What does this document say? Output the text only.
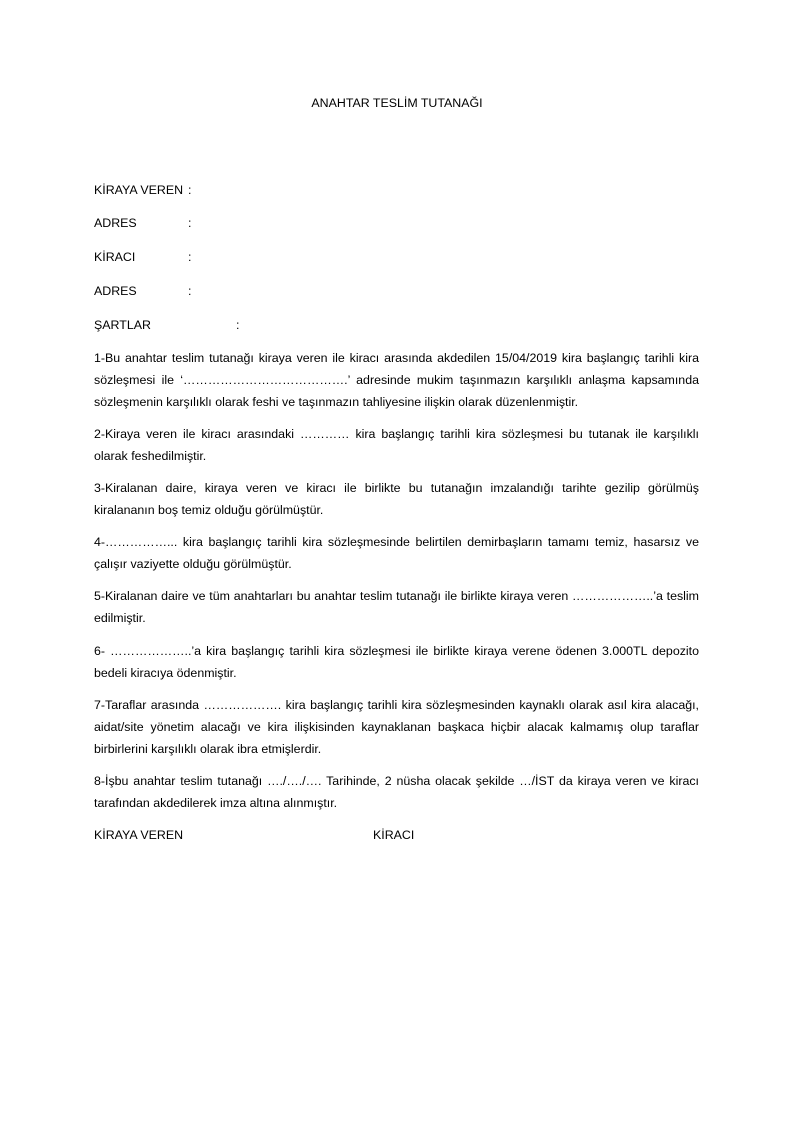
ANAHTAR TESLİM TUTANAĞI
KİRAYA VEREN :
ADRES	:
KİRACI	:
ADRES	:
ŞARTLAR	:
1-Bu anahtar teslim tutanağı kiraya veren ile kiracı arasında akdedilen 15/04/2019 kira başlangıç tarihli kira sözleşmesi ile ‘………………………………….’ adresinde mukim taşınmazın karşılıklı anlaşma kapsamında sözleşmenin karşılıklı olarak feshi ve taşınmazın tahliyesine ilişkin olarak düzenlenmiştir.
2-Kiraya veren ile kiracı arasındaki ………… kira başlangıç tarihli kira sözleşmesi bu tutanak ile karşılıklı olarak feshedilmiştir.
3-Kiralanan daire, kiraya veren ve kiracı ile birlikte bu tutanağın imzalandığı tarihte gezilip görülmüş kiralananın boş temiz olduğu görülmüştür.
4-……………... kira başlangıç tarihli kira sözleşmesinde belirtilen demirbaşların tamamı temiz, hasarsız ve çalışır vaziyette olduğu görülmüştür.
5-Kiralanan daire ve tüm anahtarları bu anahtar teslim tutanağı ile birlikte kiraya veren ………………..’a teslim edilmiştir.
6- ………………..’a kira başlangıç tarihli kira sözleşmesi ile birlikte kiraya verene ödenen 3.000TL depozito bedeli kiracıya ödenmiştir.
7-Taraflar arasında ………………. kira başlangıç tarihli kira sözleşmesinden kaynaklı olarak asıl kira alacağı, aidat/site yönetim alacağı ve kira ilişkisinden kaynaklanan başkaca hiçbir alacak kalmamış olup taraflar birbirlerini karşılıklı olarak ibra etmişlerdir.
8-İşbu anahtar teslim tutanağı …./…./…. Tarihinde, 2 nüsha olacak şekilde …/İST da kiraya veren ve kiracı tarafından akdedilerek imza altına alınmıştır.
KİRAYA VEREN	KİRACI
